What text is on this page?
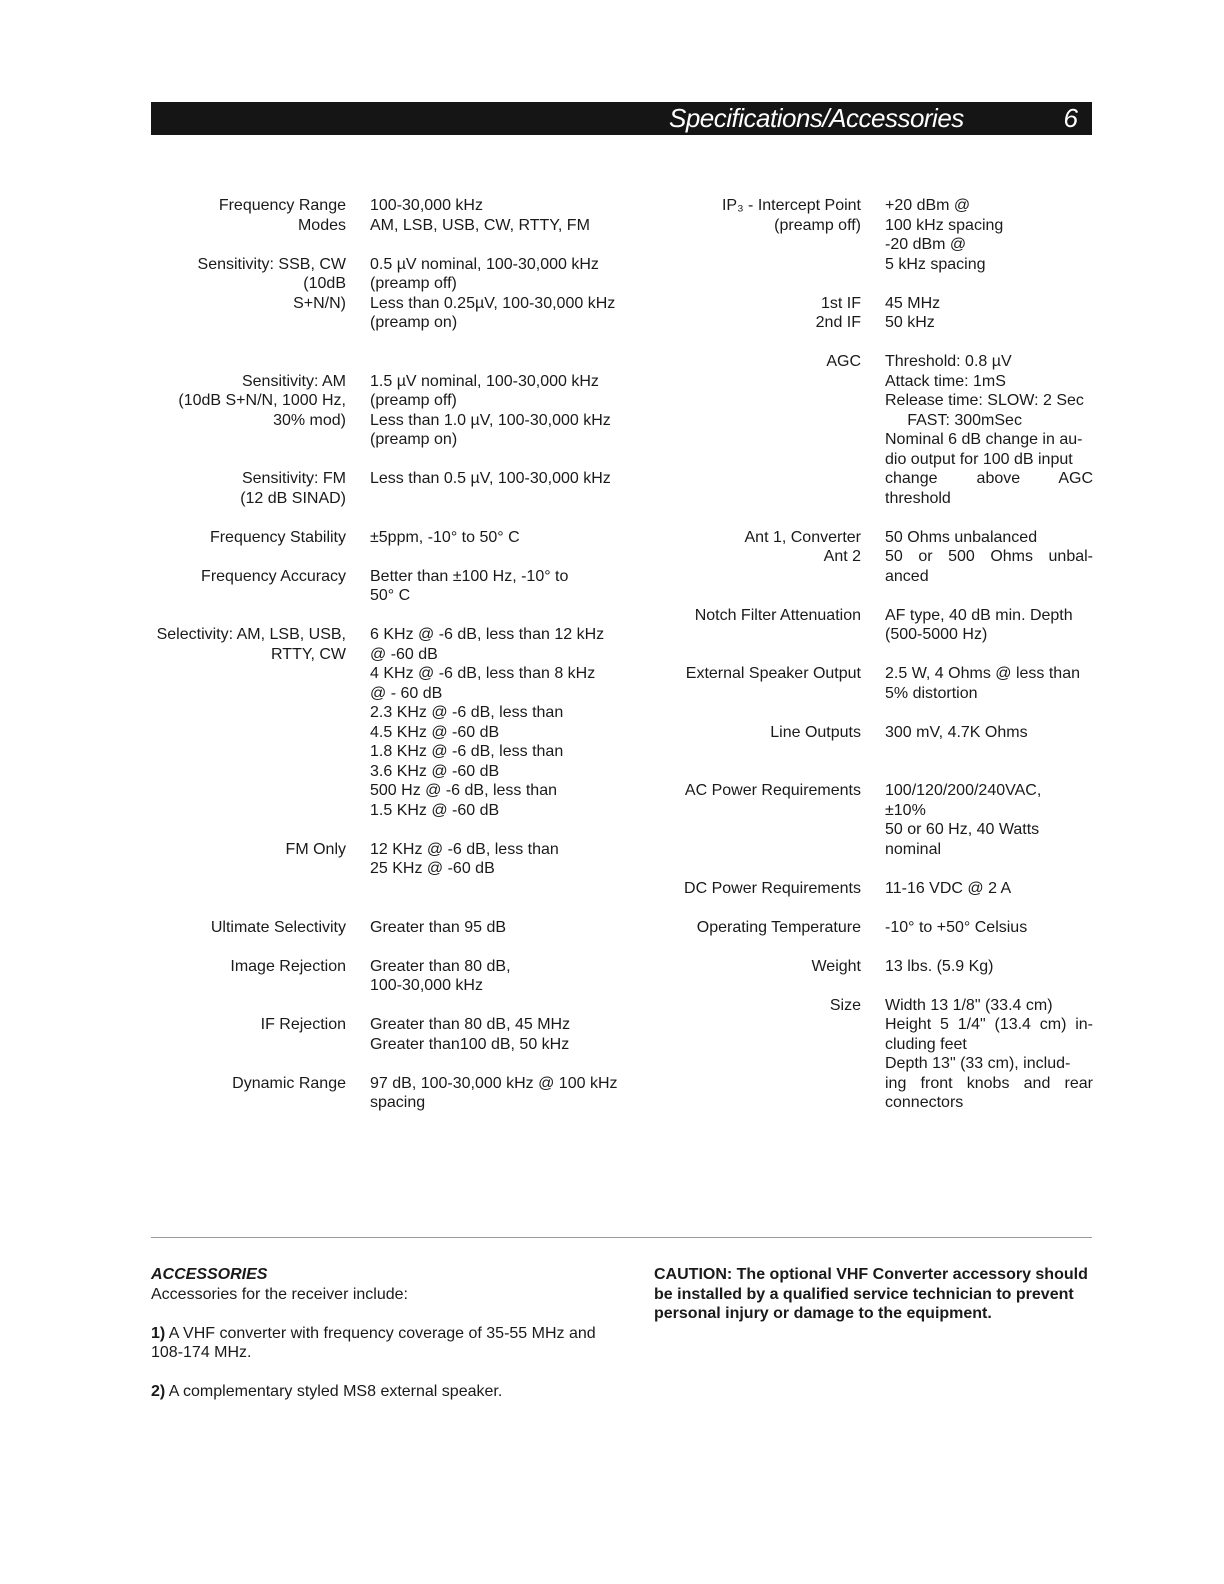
Specifications/Accessories	6
Frequency Range
Modes
100-30,000 kHz
AM, LSB, USB, CW, RTTY, FM
Sensitivity: SSB, CW (10dB
S+N/N)
0.5 µV nominal, 100-30,000 kHz
(preamp off)
Less than 0.25µV, 100-30,000 kHz
(preamp on)

Sensitivity: AM
(10dB S+N/N, 1000 Hz,
30% mod)
1.5 µV nominal, 100-30,000 kHz
(preamp off)
Less than 1.0 µV, 100-30,000 kHz
(preamp on)
Sensitivity: FM
(12 dB SINAD)
Less than 0.5 µV, 100-30,000 kHz
Frequency Stability ±5ppm, -10° to 50° C
Frequency Accuracy Better than ±100 Hz, -10° to
50° C
Selectivity: AM, LSB, USB,
RTTY, CW
6 KHz @ -6 dB, less than 12 kHz
@ -60 dB
4 KHz @ -6 dB, less than 8 kHz
@ - 60 dB
2.3 KHz @ -6 dB, less than
4.5 KHz @ -60 dB
1.8 KHz @ -6 dB, less than
3.6 KHz @ -60 dB
500 Hz @ -6 dB, less than
1.5 KHz @ -60 dB
FM Only 12 KHz @ -6 dB, less than
25 KHz @ -60 dB

Ultimate Selectivity Greater than 95 dB
Image Rejection Greater than 80 dB,
100-30,000 kHz
IF Rejection Greater than 80 dB, 45 MHz
Greater than100 dB, 50 kHz
Dynamic Range 97 dB, 100-30,000 kHz @ 100 kHz
spacing
IP₃ - Intercept Point
(preamp off)
+20 dBm @
100 kHz spacing
-20 dBm @
5 kHz spacing
1st IF
2nd IF
45 MHz
50 kHz
AGC Threshold: 0.8 µV
Attack time: 1mS
Release time: SLOW: 2 Sec
FAST: 300mSec
Nominal 6 dB change in au-
dio output for 100 dB input
change above AGC
threshold
Ant 1, Converter
Ant 2
50 Ohms unbalanced
50 or 500 Ohms unbal-
anced
Notch Filter Attenuation AF type, 40 dB min. Depth
(500-5000 Hz)
External Speaker Output 2.5 W, 4 Ohms @ less than
5% distortion
Line Outputs 300 mV, 4.7K Ohms

AC Power Requirements 100/120/200/240VAC,
±10%
50 or 60 Hz, 40 Watts
nominal
DC Power Requirements 11-16 VDC @ 2 A
Operating Temperature -10° to +50° Celsius
Weight 13 lbs. (5.9 Kg)
Size Width 13 1/8" (33.4 cm)
Height 5 1/4" (13.4 cm) in-
cluding feet
Depth 13" (33 cm), includ-
ing front knobs and rear
connectors
ACCESSORIES

Accessories for the receiver include:

1) A VHF converter with frequency coverage of 35-55 MHz and 108-174 MHz.

2) A complementary styled MS8 external speaker.

CAUTION: The optional VHF Converter accessory should be installed by a qualified service technician to prevent personal injury or damage to the equipment.
